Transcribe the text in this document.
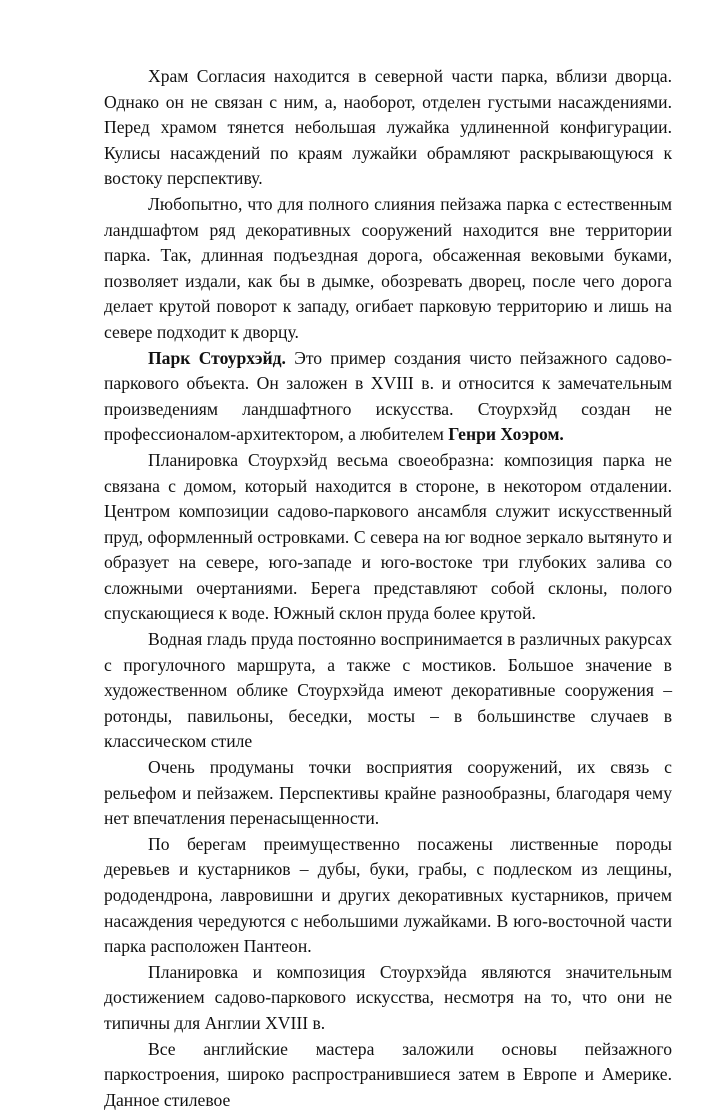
Храм Согласия находится в северной части парка, вблизи дворца. Однако он не связан с ним, а, наоборот, отделен густыми насаждениями. Перед храмом тянется небольшая лужайка удлиненной конфигурации. Кулисы насаждений по краям лужайки обрамляют раскрывающуюся к востоку перспективу.

Любопытно, что для полного слияния пейзажа парка с естественным ландшафтом ряд декоративных сооружений находится вне территории парка. Так, длинная подъездная дорога, обсаженная вековыми буками, позволяет издали, как бы в дымке, обозревать дворец, после чего дорога делает крутой поворот к западу, огибает парковую территорию и лишь на севере подходит к дворцу.

Парк Стоурхэйд. Это пример создания чисто пейзажного садово-паркового объекта. Он заложен в XVIII в. и относится к замечательным произведениям ландшафтного искусства. Стоурхэйд создан не профессионалом-архитектором, а любителем Генри Хоэром.

Планировка Стоурхэйд весьма своеобразна: композиция парка не связана с домом, который находится в стороне, в некотором отдалении. Центром композиции садово-паркового ансамбля служит искусственный пруд, оформленный островками. С севера на юг водное зеркало вытянуто и образует на севере, юго-западе и юго-востоке три глубоких залива со сложными очертаниями. Берега представляют собой склоны, полого спускающиеся к воде. Южный склон пруда более крутой.

Водная гладь пруда постоянно воспринимается в различных ракурсах с прогулочного маршрута, а также с мостиков. Большое значение в художественном облике Стоурхэйда имеют декоративные сооружения – ротонды, павильоны, беседки, мосты – в большинстве случаев в классическом стиле

Очень продуманы точки восприятия сооружений, их связь с рельефом и пейзажем. Перспективы крайне разнообразны, благодаря чему нет впечатления перенасыщенности.

По берегам преимущественно посажены лиственные породы деревьев и кустарников – дубы, буки, грабы, с подлеском из лещины, рододендрона, лавровишни и других декоративных кустарников, причем насаждения чередуются с небольшими лужайками. В юго-восточной части парка расположен Пантеон.

Планировка и композиция Стоурхэйда являются значительным достижением садово-паркового искусства, несмотря на то, что они не типичны для Англии XVIII в.

Все английские мастера заложили основы пейзажного паркостроения, широко распространившиеся затем в Европе и Америке. Данное стилевое
